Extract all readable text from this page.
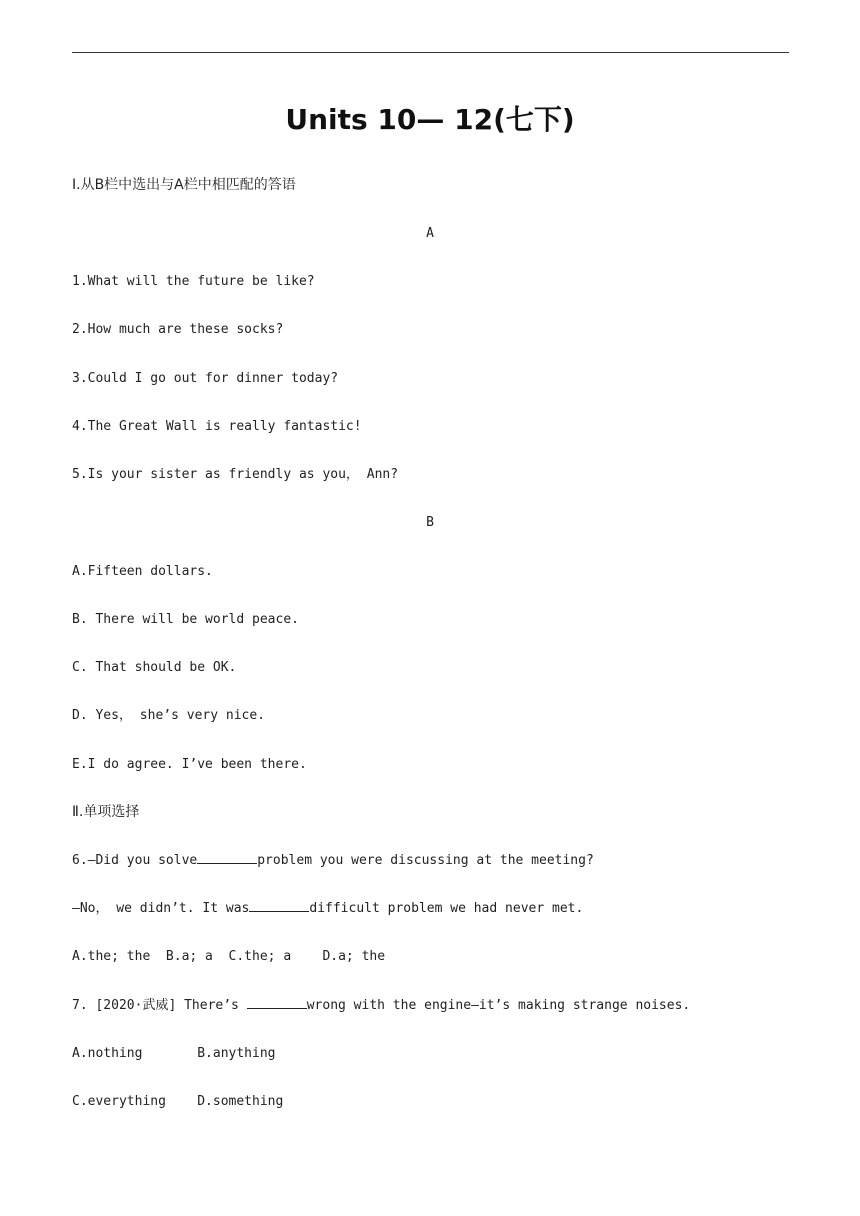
Units 10— 12(七下)
Ⅰ.从B栏中选出与A栏中相匹配的答语
A
1.What will the future be like?
2.How much are these socks?
3.Could I go out for dinner today?
4.The Great Wall is really fantastic!
5.Is your sister as friendly as you， Ann?
B
A.Fifteen dollars.
B. There will be world peace.
C. That should be OK.
D. Yes， she’s very nice.
E.I do agree. I’ve been there.
Ⅱ.单项选择
6.—Did you solve	problem you were discussing at the meeting?
—No， we didn’t. It was	difficult problem we had never met.
A.the; the  B.a; a  C.the; a    D.a; the
7. [2020·武威] There’s	wrong with the engine—it’s making strange noises.
A.nothing       B.anything
C.everything    D.something
